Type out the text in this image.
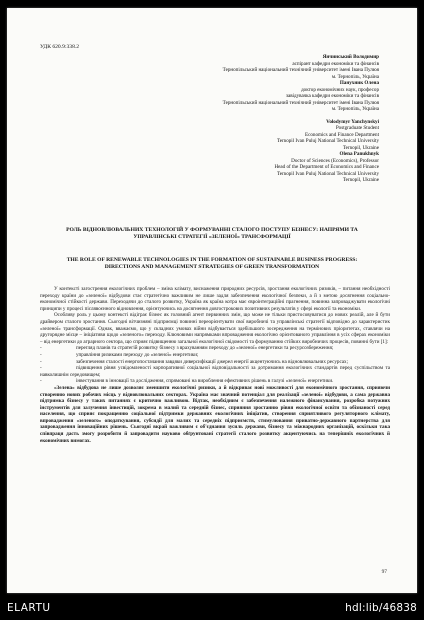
УДК 620.9:338.2
Янчинський Володимир
аспірант кафедри економіки та фінансів
Тернопільський національний технічний університет імені Івана Пулюя
м. Тернопіль, Україна
Панухник Олена
доктор економічних наук, професор
завідувачка кафедри економіки та фінансів
Тернопільський національний технічний університет імені Івана Пулюя
м. Тернопіль, Україна
Volodymyr Yanchynskyi
Postgraduate Student
Economics and Finance Department
Ternopil Ivan Puluj National Technical University
Ternopil, Ukraine
Olena Panukhnyk
Doctor of Sciences (Economics), Professor
Head of the Department of Economics and Finance
Ternopil Ivan Puluj National Technical University
Ternopil, Ukraine
РОЛЬ ВІДНОВЛЮВАЛЬНИХ ТЕХНОЛОГІЙ У ФОРМУВАННІ СТАЛОГО ПОСТУПУ БІЗНЕСУ: НАПРЯМИ ТА УПРАВЛІНСЬКІ СТРАТЕГІЇ «ЗЕЛЕНОЇ» ТРАНСФОРМАЦІЇ
THE ROLE OF RENEWABLE TECHNOLOGIES IN THE FORMATION OF SUSTAINABLE BUSINESS PROGRESS: DIRECTIONS AND MANAGEMENT STRATEGIES OF GREEN TRANSFORMATION

У контексті загострення екологічних проблем – зміна клімату, виснаження природних ресурсів, зростання екологічних ризиків, – питання необхідності переходу країни до «зеленої» відбудови стає стратегічно важливим не лише задля забезпечення екологічної безпеки, а й з метою досягнення соціально-економічної стійкості держави. Переходячи до сталого розвитку, Україна як країна котра має євроінтеграційні прагнення, повинна запроваджувати екологічні принципи у процесі післявоєнного відновлення, орієнтуючись на досягнення довгострокових позитивних результатів у сфері екології та економіки.

Особливу роль у цьому контексті відіграє бізнес як головний агент первинних змін, що може не тільки пристосовуватися до нових реалій, але й бути драйвером сталого зростання. Сьогодні вітчизняні підприємці повинні переорієнтувати свої виробничі та управлінські стратегії відповідно до характеристик «зеленої» трансформації. Однак, вважаємо, що у складних умовах війни відбувається здебільшого зосередження на термінових пріоритетах, ставлячи на другорядне місце – ініціативи щодо «зеленого» переходу. Ключовими напрямками впровадження екологічно орієнтованого управління в усіх сферах економіки – від енергетики до аграрного сектора, що сприяє підвищенню загальної екологічної свідомості та формуванню стійких виробничих процесів, повинні бути [1]:

-	перегляд планів та стратегій розвитку бізнесу з врахуванням переходу до «зеленої» енергетики та ресурсозбереження;
-	управління ризиками переходу до «зеленої» енергетики;
-	забезпечення сталості енергопостачання завдяки диверсифікації джерел енергії акцентуючись на відновлювальних ресурсах;
-	підвищення рівня усвідомленості корпоративної соціальної відповідальності за дотримання екологічних стандартів перед суспільством та навколишнім середовищем;
-	інвестування в інновації та дослідження, спрямовані на вироблення ефективних рішень в галузі «зеленої» енергетики.

«Зелена» відбудова не лише дозволяє зменшити екологічні ризики, а й відкриває нові можливості для економічного зростання, сприяючи створенню нових робочих місць у відновлювальних секторах. Україна має значний потенціал для реалізації «зеленої» відбудови, а сама державна підтримка бізнесу у таких питаннях є критично важливою. Відтак, необхідним є забезпечення належного фінансування, розробка потужних інструментів для залучення інвестицій, зокрема в малий та середній бізнес, сприяння зростанню рівня екологічної освіти та обізнаності серед населення, що сприяє покращенню соціальної підтримки державних екологічних ініціатив, створення сприятливого регуляторного клімату, впровадження «зеленого» оподаткування, субсидії для малих та середніх підприємств, стимулювання приватно-державного партнерства для запровадження інноваційних рішень. Сьогодні вкрай важливим є об'єднання зусиль держави, бізнесу та міжнародних організацій, оскільки така співпраця дасть змогу розробити й запровадити науково обґрунтовані стратегії сталого розвитку акцентуючись на теперішніх екологічних й економічних вимогах.

97
ELARTU	hdl:lib/46838
